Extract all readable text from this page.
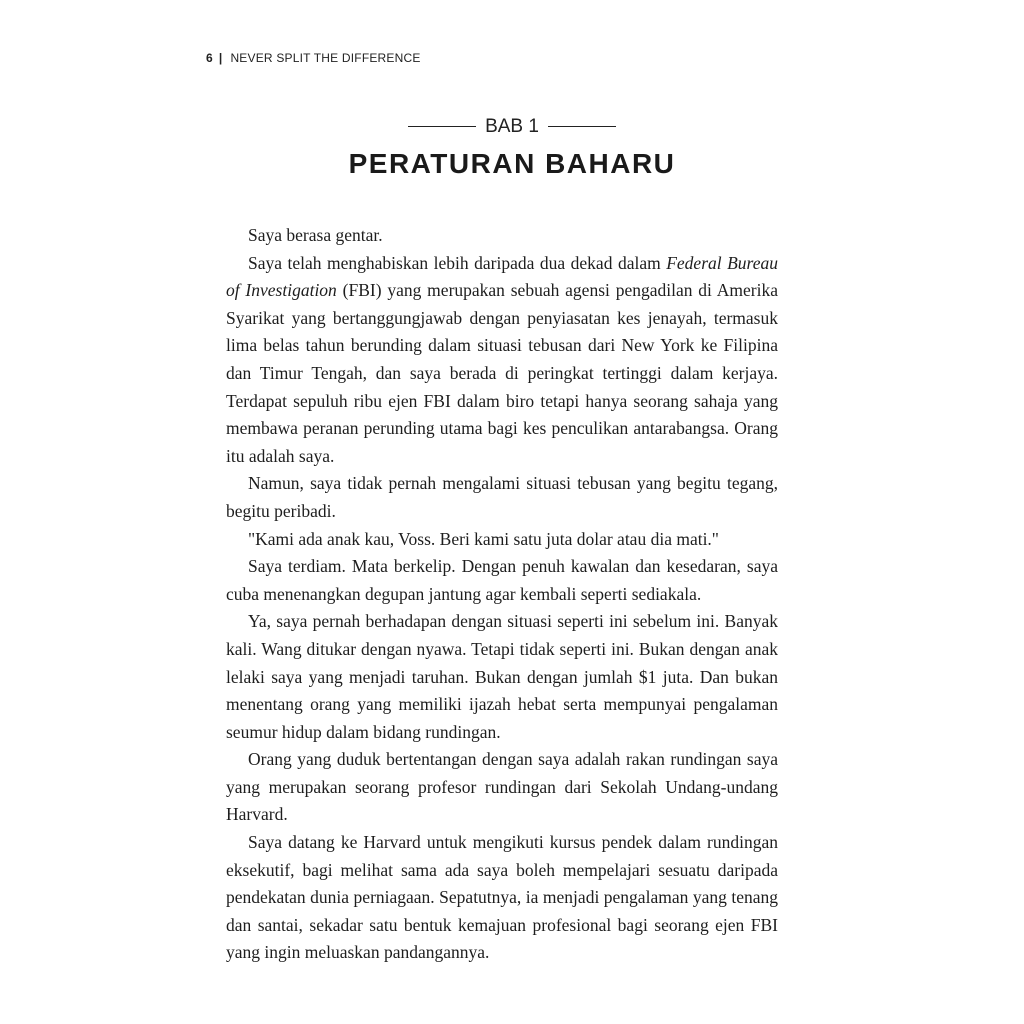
6 | NEVER SPLIT THE DIFFERENCE
BAB 1
PERATURAN BAHARU

Saya berasa gentar.

Saya telah menghabiskan lebih daripada dua dekad dalam Federal Bureau of Investigation (FBI) yang merupakan sebuah agensi pengadilan di Amerika Syarikat yang bertanggungjawab dengan penyiasatan kes jenayah, termasuk lima belas tahun berunding dalam situasi tebusan dari New York ke Filipina dan Timur Tengah, dan saya berada di peringkat tertinggi dalam kerjaya. Terdapat sepuluh ribu ejen FBI dalam biro tetapi hanya seorang sahaja yang membawa peranan perunding utama bagi kes penculikan antarabangsa. Orang itu adalah saya.

Namun, saya tidak pernah mengalami situasi tebusan yang begitu tegang, begitu peribadi.

"Kami ada anak kau, Voss. Beri kami satu juta dolar atau dia mati."

Saya terdiam. Mata berkelip. Dengan penuh kawalan dan kesedaran, saya cuba menenangkan degupan jantung agar kembali seperti sediakala.

Ya, saya pernah berhadapan dengan situasi seperti ini sebelum ini. Banyak kali. Wang ditukar dengan nyawa. Tetapi tidak seperti ini. Bukan dengan anak lelaki saya yang menjadi taruhan. Bukan dengan jumlah $1 juta. Dan bukan menentang orang yang memiliki ijazah hebat serta mempunyai pengalaman seumur hidup dalam bidang rundingan.

Orang yang duduk bertentangan dengan saya adalah rakan rundingan saya yang merupakan seorang profesor rundingan dari Sekolah Undang-undang Harvard.

Saya datang ke Harvard untuk mengikuti kursus pendek dalam rundingan eksekutif, bagi melihat sama ada saya boleh mempelajari sesuatu daripada pendekatan dunia perniagaan. Sepatutnya, ia menjadi pengalaman yang tenang dan santai, sekadar satu bentuk kemajuan profesional bagi seorang ejen FBI yang ingin meluaskan pandangannya.
